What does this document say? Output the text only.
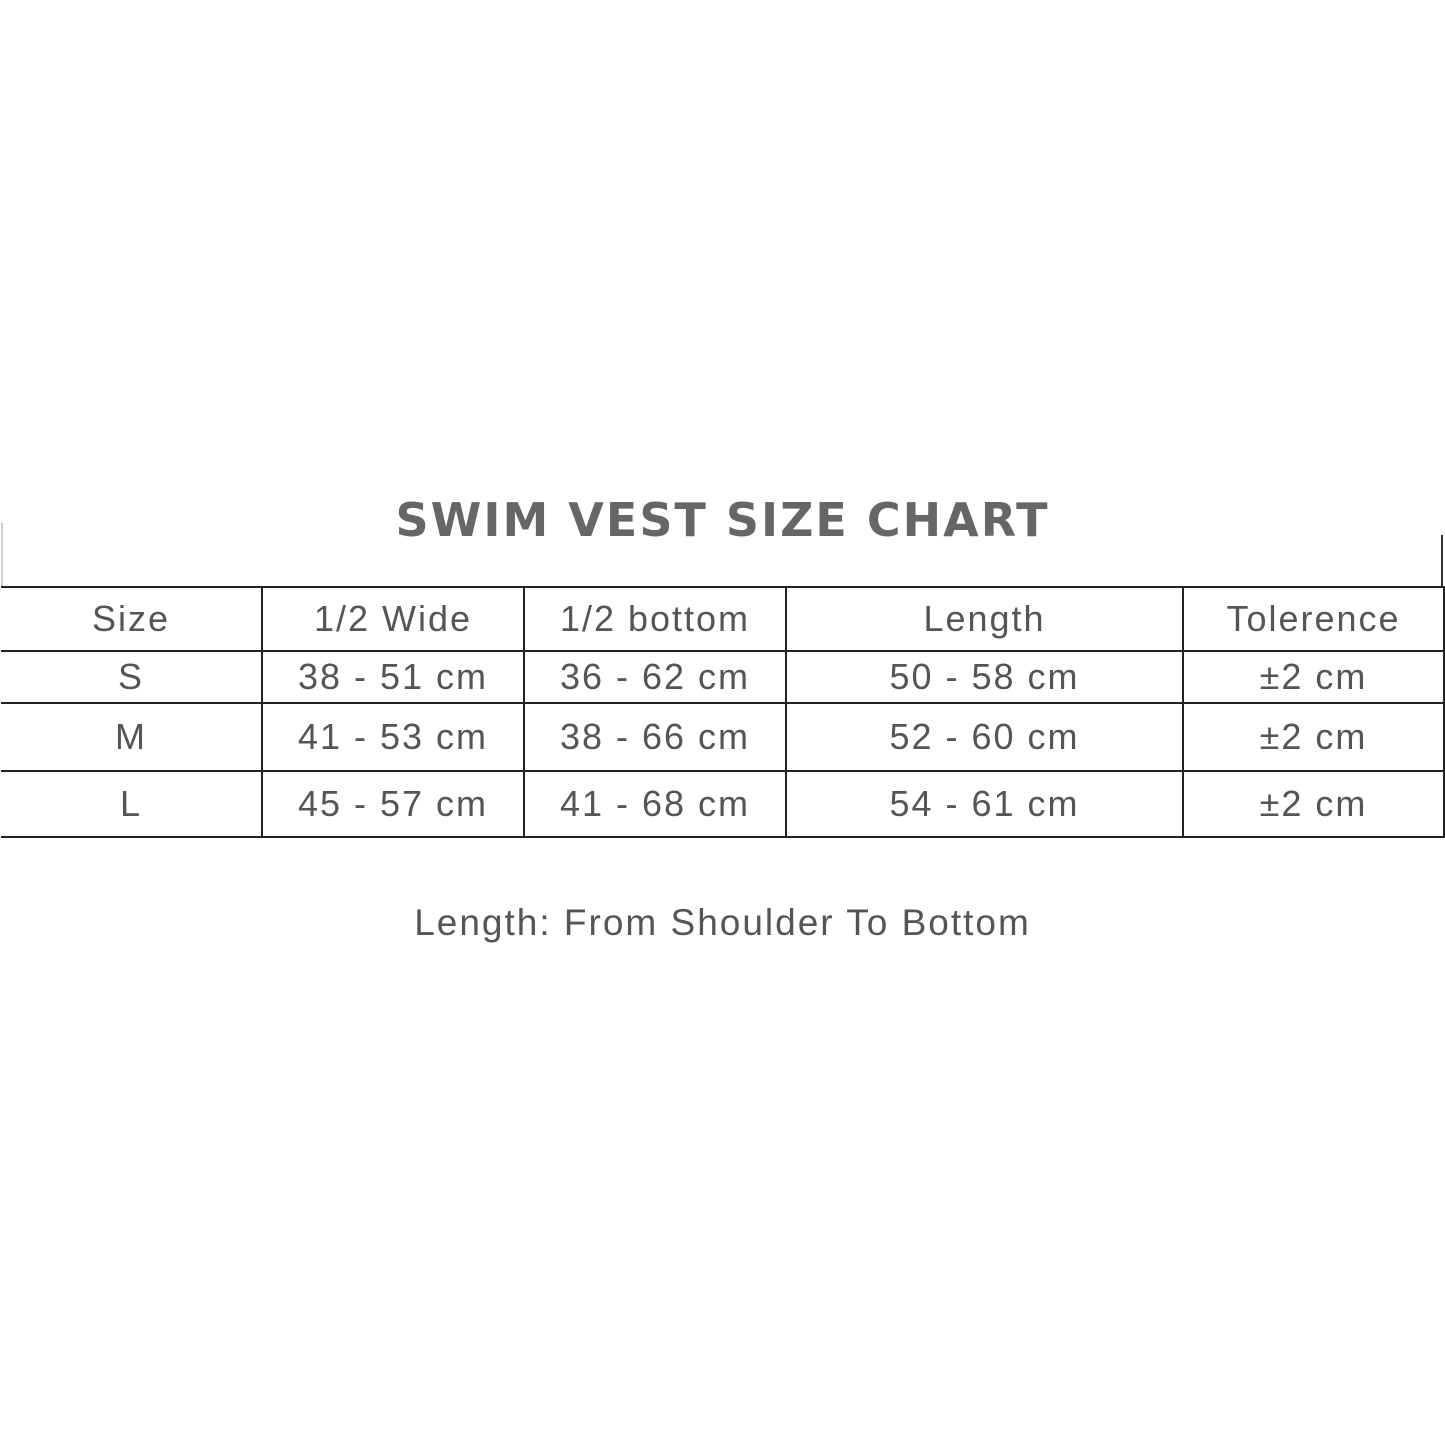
SWIM VEST SIZE CHART
Size	1/2 Wide	1/2 bottom	Length	Tolerence
S	38 - 51 cm	36 - 62 cm	50 - 58 cm	±2 cm
M	41 - 53 cm	38 - 66 cm	52 - 60 cm	±2 cm
L	45 - 57 cm	41 - 68 cm	54 - 61 cm	±2 cm
Length: From Shoulder To Bottom
